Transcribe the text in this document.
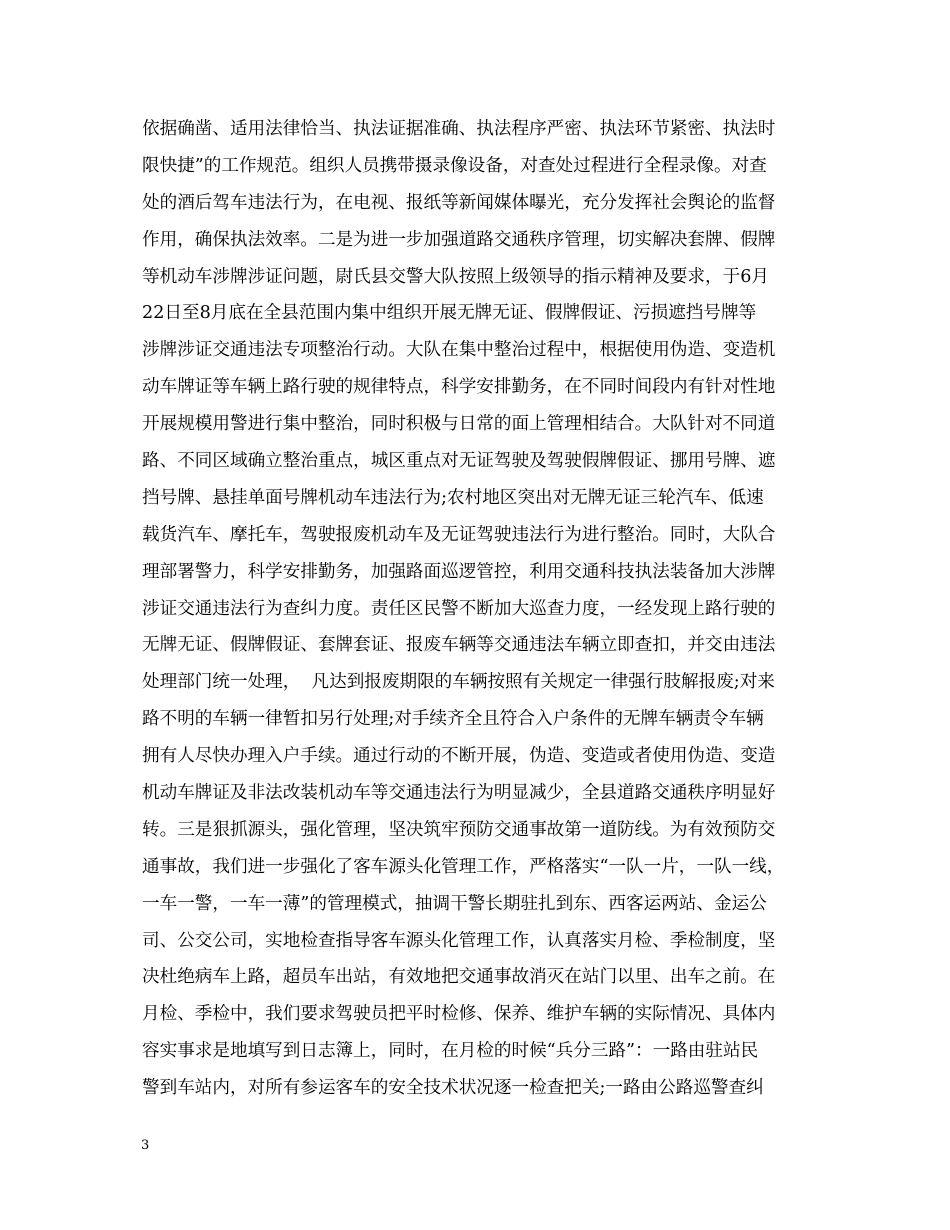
依据确凿、适用法律恰当、执法证据准确、执法程序严密、执法环节紧密、执法时
限快捷”的工作规范。组织人员携带摄录像设备，对查处过程进行全程录像。对查
处的酒后驾车违法行为，在电视、报纸等新闻媒体曝光，充分发挥社会舆论的监督
作用，确保执法效率。二是为进一步加强道路交通秩序管理，切实解决套牌、假牌
等机动车涉牌涉证问题，尉氏县交警大队按照上级领导的指示精神及要求，于6月
22日至8月底在全县范围内集中组织开展无牌无证、假牌假证、污损遮挡号牌等
涉牌涉证交通违法专项整治行动。大队在集中整治过程中，根据使用伪造、变造机
动车牌证等车辆上路行驶的规律特点，科学安排勤务，在不同时间段内有针对性地
开展规模用警进行集中整治，同时积极与日常的面上管理相结合。大队针对不同道
路、不同区域确立整治重点，城区重点对无证驾驶及驾驶假牌假证、挪用号牌、遮
挡号牌、悬挂单面号牌机动车违法行为;农村地区突出对无牌无证三轮汽车、低速
载货汽车、摩托车，驾驶报废机动车及无证驾驶违法行为进行整治。同时，大队合
理部署警力，科学安排勤务，加强路面巡逻管控，利用交通科技执法装备加大涉牌
涉证交通违法行为查纠力度。责任区民警不断加大巡查力度，一经发现上路行驶的
无牌无证、假牌假证、套牌套证、报废车辆等交通违法车辆立即查扣，并交由违法
处理部门统一处理，  凡达到报废期限的车辆按照有关规定一律强行肢解报废;对来
路不明的车辆一律暂扣另行处理;对手续齐全且符合入户条件的无牌车辆责令车辆
拥有人尽快办理入户手续。通过行动的不断开展，伪造、变造或者使用伪造、变造
机动车牌证及非法改装机动车等交通违法行为明显减少，全县道路交通秩序明显好
转。三是狠抓源头，强化管理，坚决筑牢预防交通事故第一道防线。为有效预防交
通事故，我们进一步强化了客车源头化管理工作，严格落实“一队一片，一队一线，
一车一警，一车一薄”的管理模式，抽调干警长期驻扎到东、西客运两站、金运公
司、公交公司，实地检查指导客车源头化管理工作，认真落实月检、季检制度，坚
决杜绝病车上路，超员车出站，有效地把交通事故消灭在站门以里、出车之前。在
月检、季检中，我们要求驾驶员把平时检修、保养、维护车辆的实际情况、具体内
容实事求是地填写到日志簿上，同时，在月检的时候“兵分三路”：一路由驻站民
警到车站内，对所有参运客车的安全技术状况逐一检查把关;一路由公路巡警查纠
3
